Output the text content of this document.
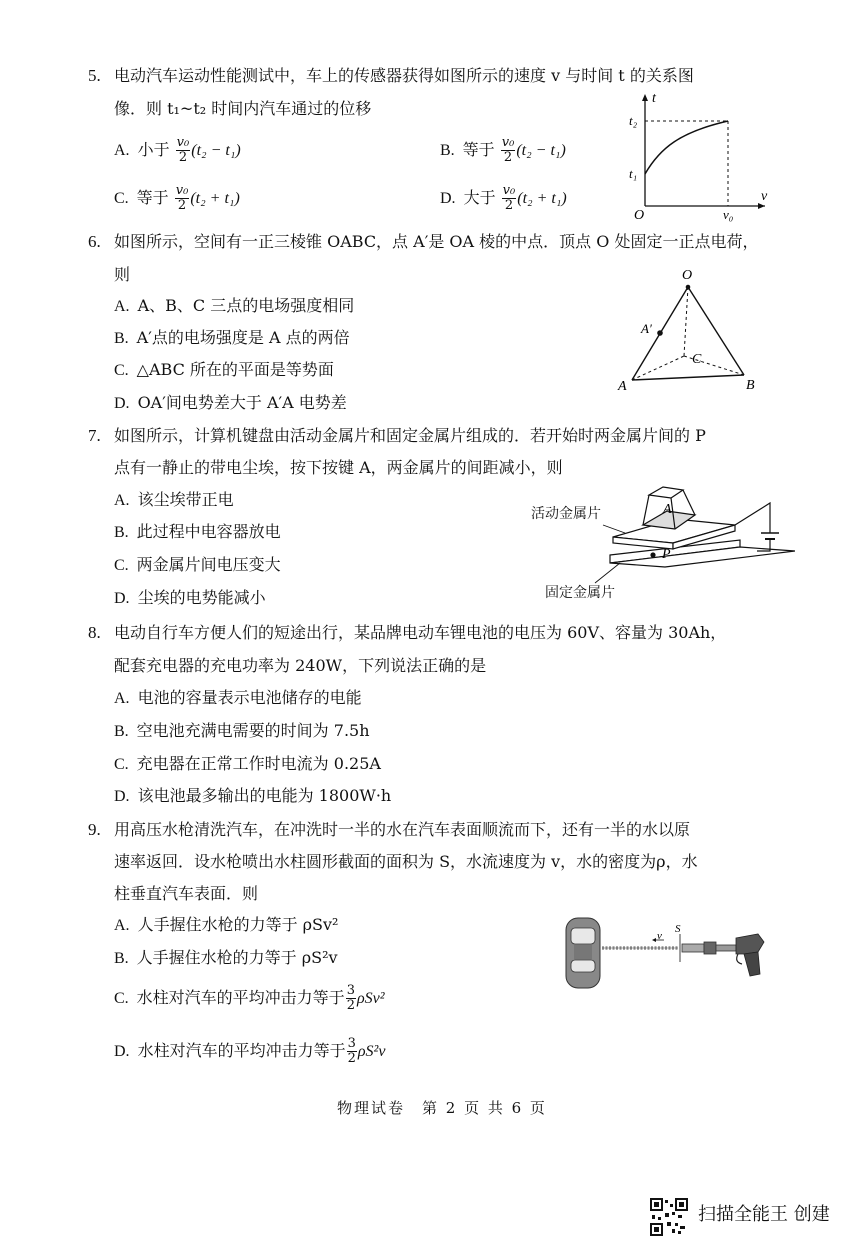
5. 电动汽车运动性能测试中，车上的传感器获得如图所示的速度 v 与时间 t 的关系图
像．则 t₁~t₂ 时间内汽车通过的位移
A. 小于 $\frac{\text{v₀}}{2} (t_2 - t_1)$	B. 等于 $\frac{\text{v₀}}{2} (t_2 - t_1)$
C. 等于 $\frac{\text{v₀}}{2} (t_2 + t_1)$	D. 大于 $\frac{\text{v₀}}{2} (t_2 + t_1)$
t
v
O
t₂
t₁
v₀
6. 如图所示，空间有一正三棱锥 OABC，点 A′是 OA 棱的中点．顶点 O 处固定一正点电荷，
则
A. A、B、C 三点的电场强度相同
B. A′点的电场强度是 A 点的两倍
C. △ABC 所在的平面是等势面
D. OA′间电势差大于 A′A 电势差
O
A′
A	B
C
7. 如图所示，计算机键盘由活动金属片和固定金属片组成的．若开始时两金属片间的 P
点有一静止的带电尘埃，按下按键 A，两金属片的间距减小，则
A. 该尘埃带正电
B. 此过程中电容器放电
C. 两金属片间电压变大
D. 尘埃的电势能减小
A
P
活动金属片
固定金属片
8. 电动自行车方便人们的短途出行，某品牌电动车锂电池的电压为 60V、容量为 30Ah，
配套充电器的充电功率为 240W，下列说法正确的是
A. 电池的容量表示电池储存的电能
B. 空电池充满电需要的时间为 7.5h
C. 充电器在正常工作时电流为 0.25A
D. 该电池最多输出的电能为 1800W·h
9. 用高压水枪清洗汽车，在冲洗时一半的水在汽车表面顺流而下，还有一半的水以原
速率返回．设水枪喷出水柱圆形截面的面积为 S，水流速度为 v，水的密度为ρ，水
柱垂直汽车表面．则
A. 人手握住水枪的力等于 ρSv²
B. 人手握住水枪的力等于 ρS²v
C. 水柱对汽车的平均冲击力等于 $\frac{3}{2} \rho Sv^2$
D. 水柱对汽车的平均冲击力等于 $\frac{3}{2} \rho S^2v$
v
S
物理试卷　第 2 页 共 6 页
扫描全能王 创建
